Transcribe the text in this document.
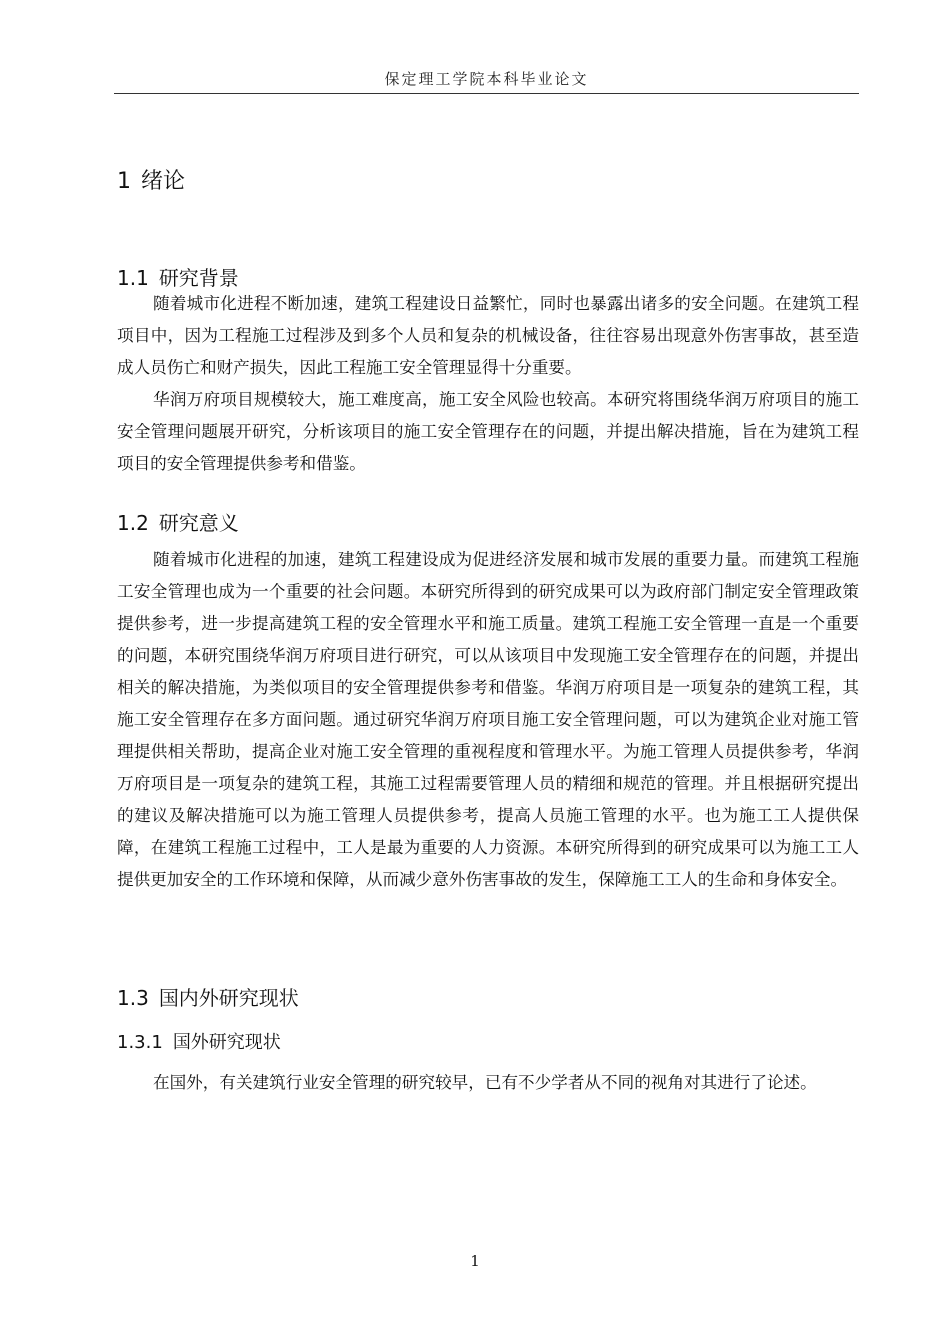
保定理工学院本科毕业论文
1 绪论
1.1 研究背景

随着城市化进程不断加速，建筑工程建设日益繁忙，同时也暴露出诸多的安全问题。在建筑工程项目中，因为工程施工过程涉及到多个人员和复杂的机械设备，往往容易出现意外伤害事故，甚至造成人员伤亡和财产损失，因此工程施工安全管理显得十分重要。

华润万府项目规模较大，施工难度高，施工安全风险也较高。本研究将围绕华润万府项目的施工安全管理问题展开研究，分析该项目的施工安全管理存在的问题，并提出解决措施，旨在为建筑工程项目的安全管理提供参考和借鉴。

1.2 研究意义

随着城市化进程的加速，建筑工程建设成为促进经济发展和城市发展的重要力量。而建筑工程施工安全管理也成为一个重要的社会问题。本研究所得到的研究成果可以为政府部门制定安全管理政策提供参考，进一步提高建筑工程的安全管理水平和施工质量。建筑工程施工安全管理一直是一个重要的问题，本研究围绕华润万府项目进行研究，可以从该项目中发现施工安全管理存在的问题，并提出相关的解决措施，为类似项目的安全管理提供参考和借鉴。华润万府项目是一项复杂的建筑工程，其施工安全管理存在多方面问题。通过研究华润万府项目施工安全管理问题，可以为建筑企业对施工管理提供相关帮助，提高企业对施工安全管理的重视程度和管理水平。为施工管理人员提供参考，华润万府项目是一项复杂的建筑工程，其施工过程需要管理人员的精细和规范的管理。并且根据研究提出的建议及解决措施可以为施工管理人员提供参考，提高人员施工管理的水平。也为施工工人提供保障，在建筑工程施工过程中，工人是最为重要的人力资源。本研究所得到的研究成果可以为施工工人提供更加安全的工作环境和保障，从而减少意外伤害事故的发生，保障施工工人的生命和身体安全。

1.3 国内外研究现状
1.3.1 国外研究现状

在国外，有关建筑行业安全管理的研究较早，已有不少学者从不同的视角对其进行了论述。

1
